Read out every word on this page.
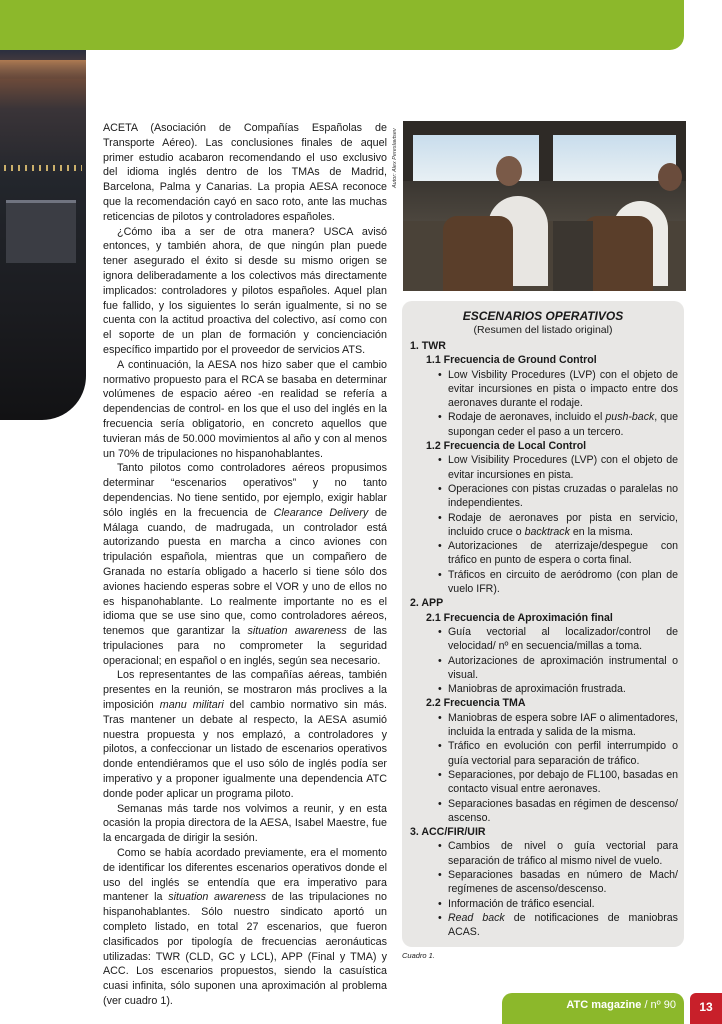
ACETA (Asociación de Compañías Españolas de Transporte Aéreo). Las conclusiones finales de aquel primer estudio acabaron recomendando el uso exclusivo del idioma inglés dentro de los TMAs de Madrid, Barcelona, Palma y Canarias. La propia AESA reconoce que la recomendación cayó en saco roto, ante las muchas reticencias de pilotos y controladores españoles.

¿Cómo iba a ser de otra manera? USCA avisó entonces, y también ahora, de que ningún plan puede tener asegurado el éxito si desde su mismo origen se ignora deliberadamente a los colectivos más directamente implicados: controladores y pilotos españoles. Aquel plan fue fallido, y los siguientes lo serán igualmente, si no se cuenta con la actitud proactiva del colectivo, así como con el soporte de un plan de formación y concienciación específico impartido por el proveedor de servicios ATS.

A continuación, la AESA nos hizo saber que el cambio normativo propuesto para el RCA se basaba en determinar volúmenes de espacio aéreo -en realidad se refería a dependencias de control- en los que el uso del inglés en la frecuencia sería obligatorio, en concreto aquellos que tuvieran más de 50.000 movimientos al año y con al menos un 70% de tripulaciones no hispanohablantes.

Tanto pilotos como controladores aéreos propusimos determinar “escenarios operativos” y no tanto dependencias. No tiene sentido, por ejemplo, exigir hablar sólo inglés en la frecuencia de Clearance Delivery de Málaga cuando, de madrugada, un controlador está autorizando puesta en marcha a cinco aviones con tripulación española, mientras que un compañero de Granada no estaría obligado a hacerlo si tiene sólo dos aviones haciendo esperas sobre el VOR y uno de ellos no es hispanohablante. Lo realmente importante no es el idioma que se use sino que, como controladores aéreos, tenemos que garantizar la situation awareness de las tripulaciones para no comprometer la seguridad operacional; en español o en inglés, según sea necesario.

Los representantes de las compañías aéreas, también presentes en la reunión, se mostraron más proclives a la imposición manu militari del cambio normativo sin más. Tras mantener un debate al respecto, la AESA asumió nuestra propuesta y nos emplazó, a controladores y pilotos, a confeccionar un listado de escenarios operativos donde entendiéramos que el uso sólo de inglés podía ser imperativo y a proponer igualmente una dependencia ATC donde poder aplicar un programa piloto.

Semanas más tarde nos volvimos a reunir, y en esta ocasión la propia directora de la AESA, Isabel Maestre, fue la encargada de dirigir la sesión.

Como se había acordado previamente, era el momento de identificar los diferentes escenarios operativos donde el uso del inglés se entendía que era imperativo para mantener la situation awareness de las tripulaciones no hispanohablantes. Sólo nuestro sindicato aportó un completo listado, en total 27 escenarios, que fueron clasificados por tipología de frecuencias aeronáuticas utilizadas: TWR (CLD, GC y LCL), APP (Final y TMA) y ACC. Los escenarios propuestos, siendo la casuística cuasi infinita, sólo suponen una aproximación al problema (ver cuadro 1).

Autor: Alex Pereslavtsev
ESCENARIOS OPERATIVOS
(Resumen del listado original)
1. TWR
1.1 Frecuencia de Ground Control
• Low Visbility Procedures (LVP) con el objeto de evitar incursiones en pista o impacto entre dos aeronaves durante el rodaje.
• Rodaje de aeronaves, incluido el push-back, que supongan ceder el paso a un tercero.
1.2 Frecuencia de Local Control
• Low Visibility Procedures (LVP) con el objeto de evitar incursiones en pista.
• Operaciones con pistas cruzadas o paralelas no independientes.
• Rodaje de aeronaves por pista en servicio, incluido cruce o backtrack en la misma.
• Autorizaciones de aterrizaje/despegue con tráfico en punto de espera o corta final.
• Tráficos en circuito de aeródromo (con plan de vuelo IFR).
2. APP
2.1 Frecuencia de Aproximación final
• Guía vectorial al localizador/control de velocidad/ nº en secuencia/millas a toma.
• Autorizaciones de aproximación instrumental o visual.
• Maniobras de aproximación frustrada.
2.2 Frecuencia TMA
• Maniobras de espera sobre IAF o alimentadores, incluida la entrada y salida de la misma.
• Tráfico en evolución con perfil interrumpido o guía vectorial para separación de tráfico.
• Separaciones, por debajo de FL100, basadas en contacto visual entre aeronaves.
• Separaciones basadas en régimen de descenso/ ascenso.
3. ACC/FIR/UIR
• Cambios de nivel o guía vectorial para separación de tráfico al mismo nivel de vuelo.
• Separaciones basadas en número de Mach/ regímenes de ascenso/descenso.
• Información de tráfico esencial.
• Read back de notificaciones de maniobras ACAS.
Cuadro 1.
ATC magazine / nº 90	13
